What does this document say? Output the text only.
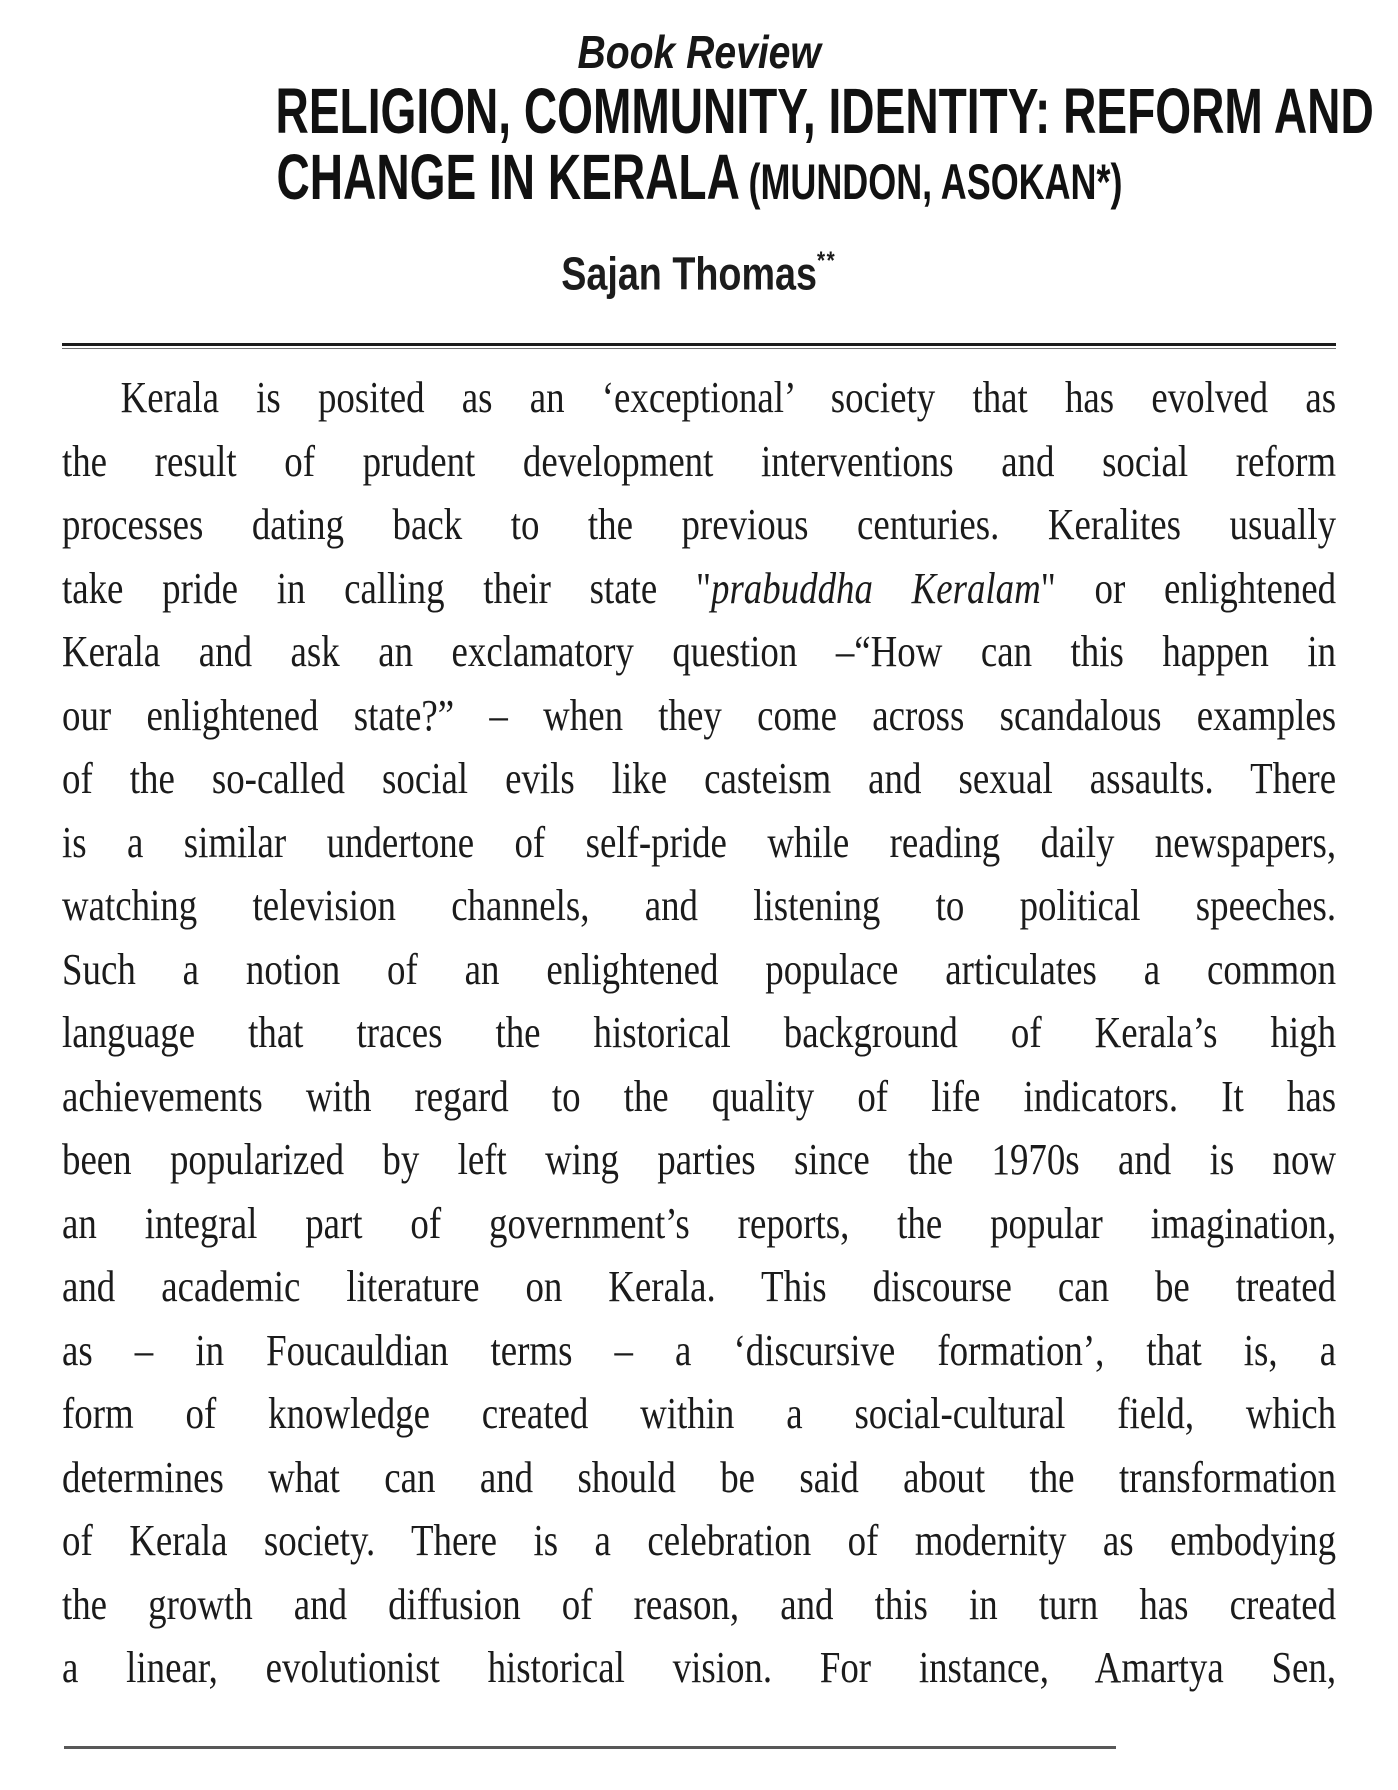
Book Review
RELIGION, COMMUNITY, IDENTITY: REFORM AND
CHANGE IN KERALA (MUNDON, ASOKAN*)
Sajan Thomas**
Kerala is posited as an ‘exceptional’ society that has evolved as
the result of prudent development interventions and social reform
processes dating back to the previous centuries. Keralites usually
take pride in calling their state "prabuddha Keralam" or enlightened
Kerala and ask an exclamatory question –“How can this happen in
our enlightened state?” – when they come across scandalous examples
of the so-called social evils like casteism and sexual assaults. There
is a similar undertone of self-pride while reading daily newspapers,
watching television channels, and listening to political speeches.
Such a notion of an enlightened populace articulates a common
language that traces the historical background of Kerala’s high
achievements with regard to the quality of life indicators. It has
been popularized by left wing parties since the 1970s and is now
an integral part of government’s reports, the popular imagination,
and academic literature on Kerala. This discourse can be treated
as – in Foucauldian terms – a ‘discursive formation’, that is, a
form of knowledge created within a social-cultural field, which
determines what can and should be said about the transformation
of Kerala society. There is a celebration of modernity as embodying
the growth and diffusion of reason, and this in turn has created
a linear, evolutionist historical vision. For instance, Amartya Sen,
